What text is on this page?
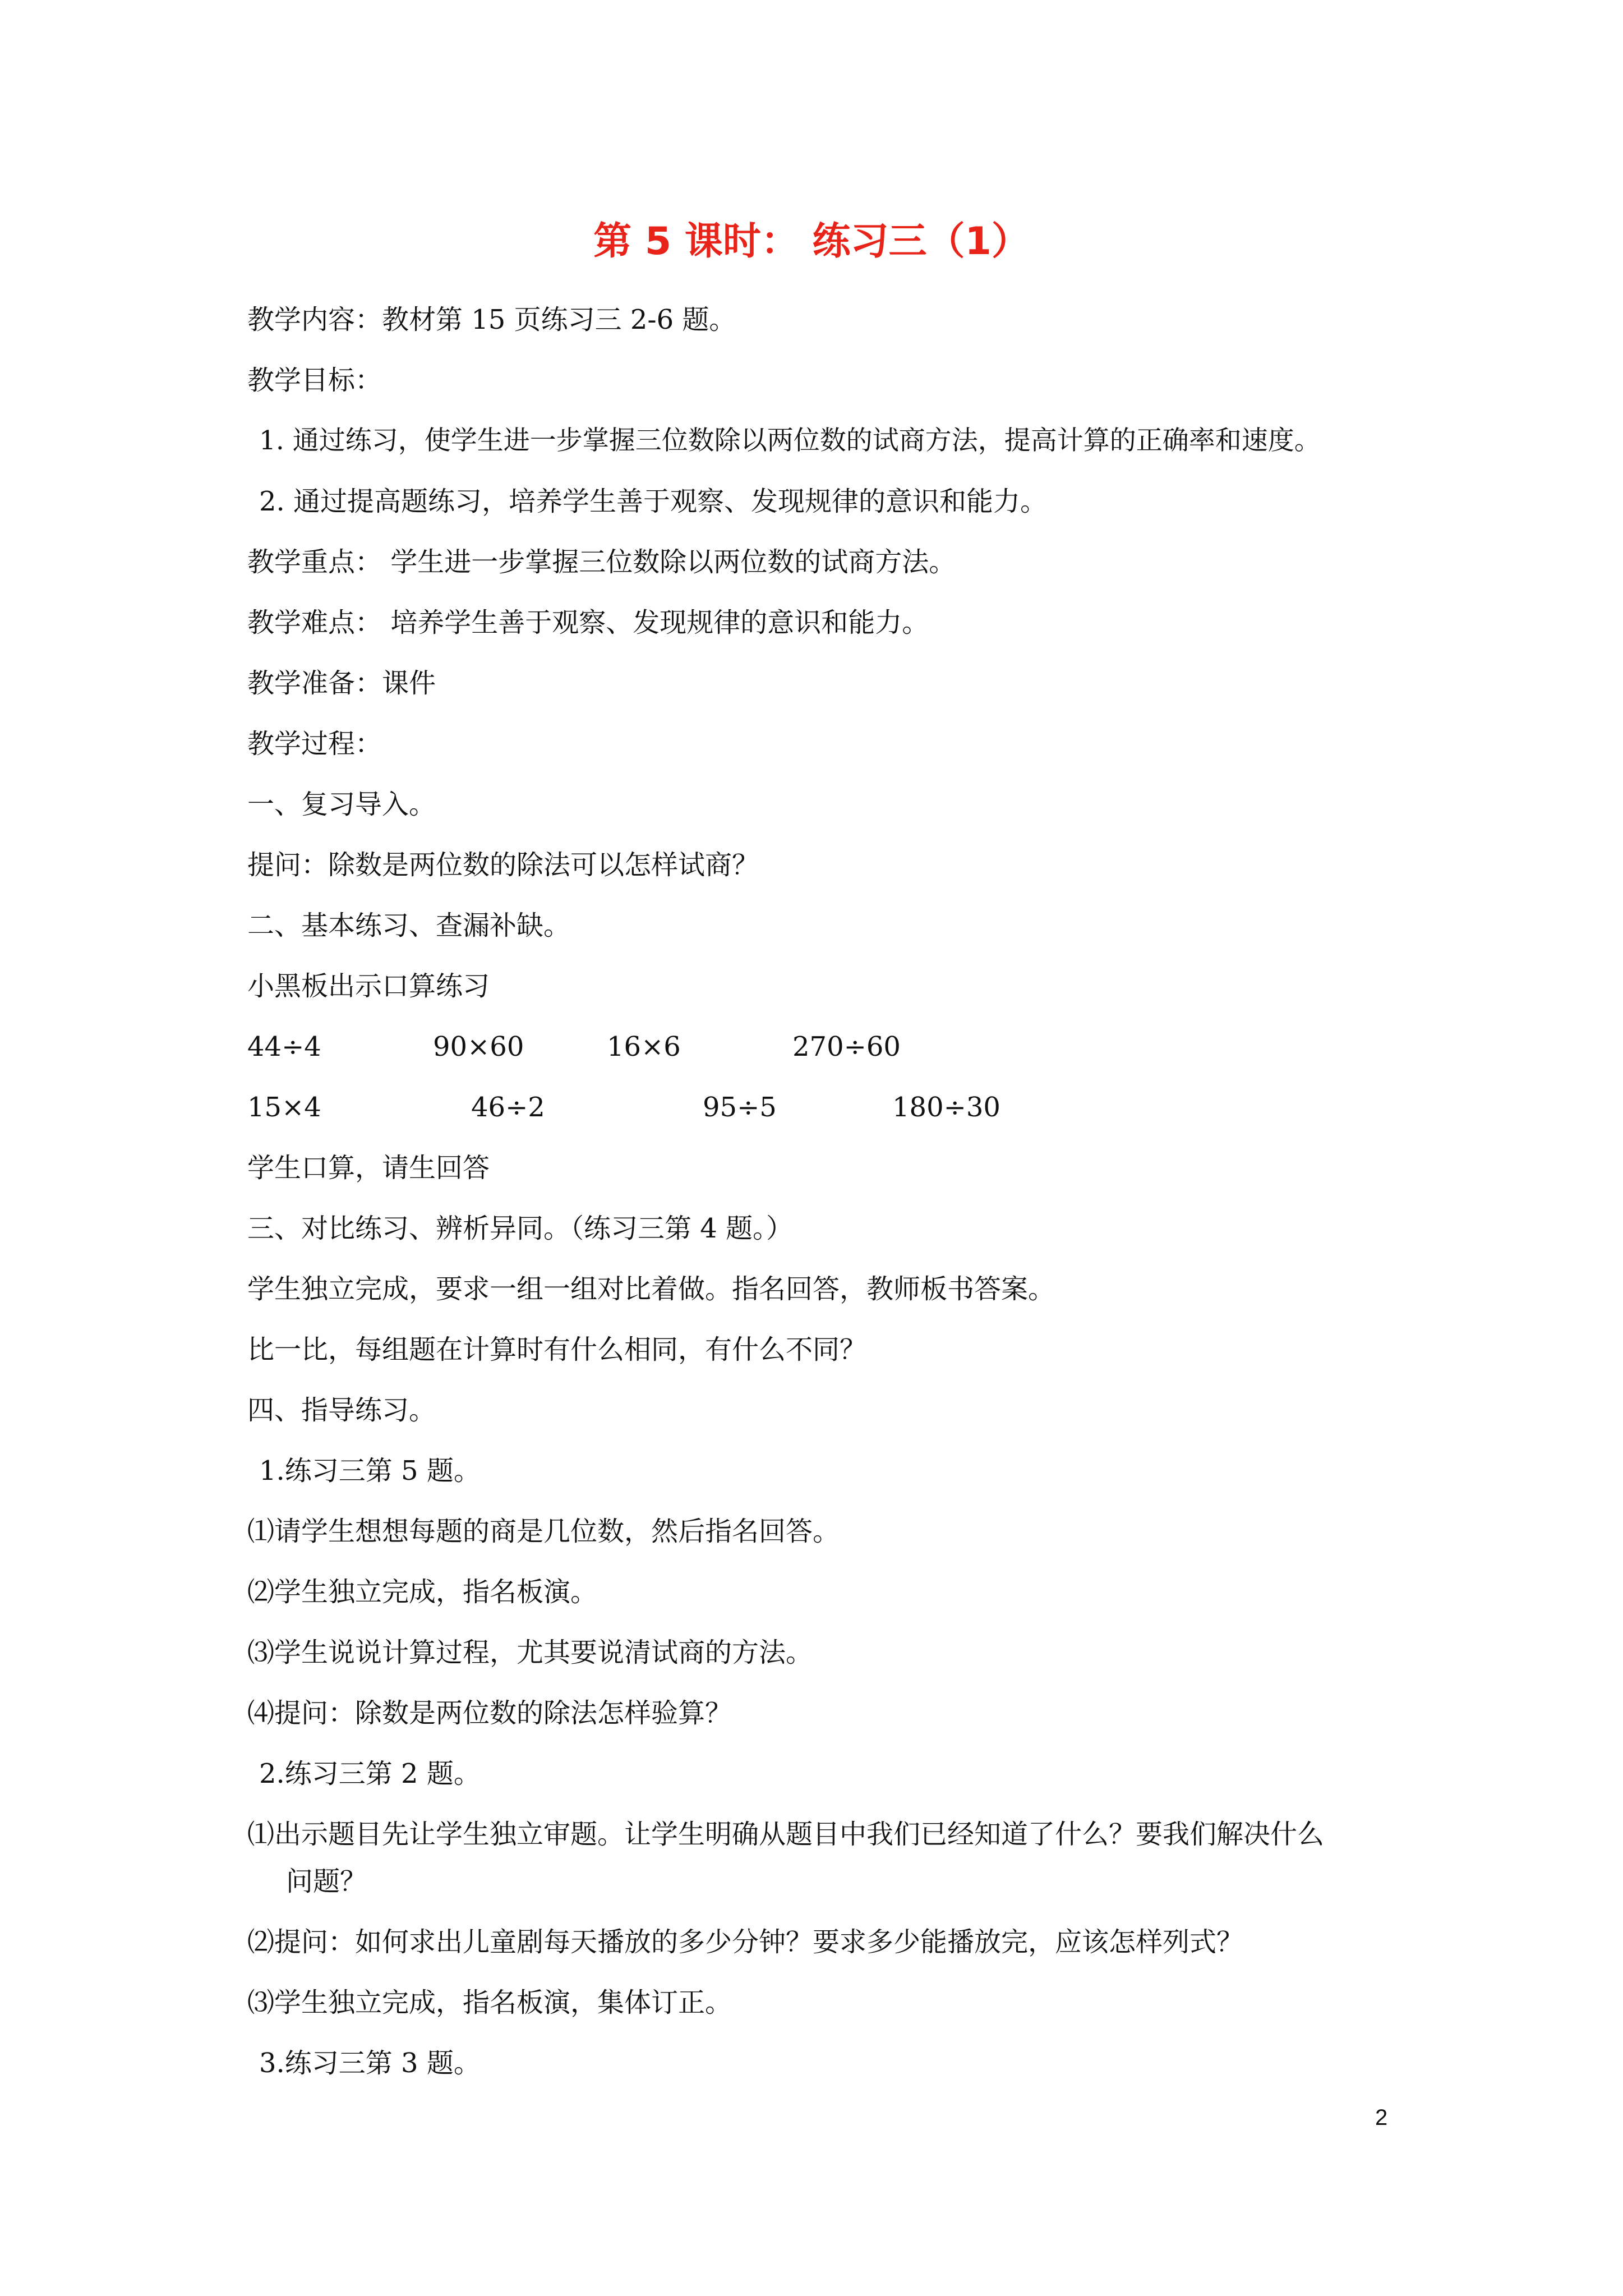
第 5 课时： 练习三（1）
教学内容：教材第 15 页练习三 2-6 题。
教学目标：
1. 通过练习，使学生进一步掌握三位数除以两位数的试商方法，提高计算的正确率和速度。
2. 通过提高题练习，培养学生善于观察、发现规律的意识和能力。
教学重点： 学生进一步掌握三位数除以两位数的试商方法。
教学难点： 培养学生善于观察、发现规律的意识和能力。
教学准备：课件
教学过程：
一、复习导入。
提问：除数是两位数的除法可以怎样试商？
二、基本练习、查漏补缺。
小黑板出示口算练习
44÷4	90×60	16×6	270÷60
15×4	46÷2	95÷5	180÷30
学生口算，请生回答
三、对比练习、辨析异同。（练习三第 4 题。）
学生独立完成，要求一组一组对比着做。指名回答，教师板书答案。
比一比，每组题在计算时有什么相同，有什么不同？
四、指导练习。
1.练习三第 5 题。
⑴请学生想想每题的商是几位数，然后指名回答。
⑵学生独立完成，指名板演。
⑶学生说说计算过程，尤其要说清试商的方法。
⑷提问：除数是两位数的除法怎样验算？
2.练习三第 2 题。
⑴出示题目先让学生独立审题。让学生明确从题目中我们已经知道了什么？要我们解决什么
问题？
⑵提问：如何求出儿童剧每天播放的多少分钟？要求多少能播放完，应该怎样列式？
⑶学生独立完成，指名板演，集体订正。
3.练习三第 3 题。
2
